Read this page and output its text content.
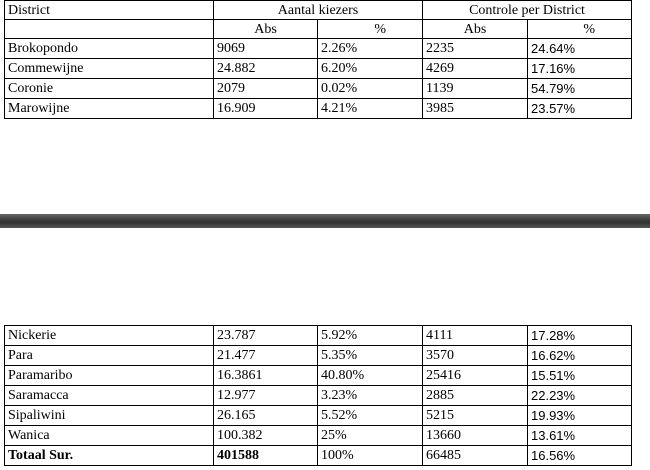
District	Aantal kiezers		Controle per District	
	Abs	%	Abs	%
Brokopondo	9069	2.26%	2235	24.64%
Commewijne	24.882	6.20%	4269	17.16%
Coronie	2079	0.02%	1139	54.79%
Marowijne	16.909	4.21%	3985	23.57%
Nickerie	23.787	5.92%	4111	17.28%
Para	21.477	5.35%	3570	16.62%
Paramaribo	16.3861	40.80%	25416	15.51%
Saramacca	12.977	3.23%	2885	22.23%
Sipaliwini	26.165	5.52%	5215	19.93%
Wanica	100.382	25%	13660	13.61%
Totaal Sur.	401588	100%	66485	16.56%
